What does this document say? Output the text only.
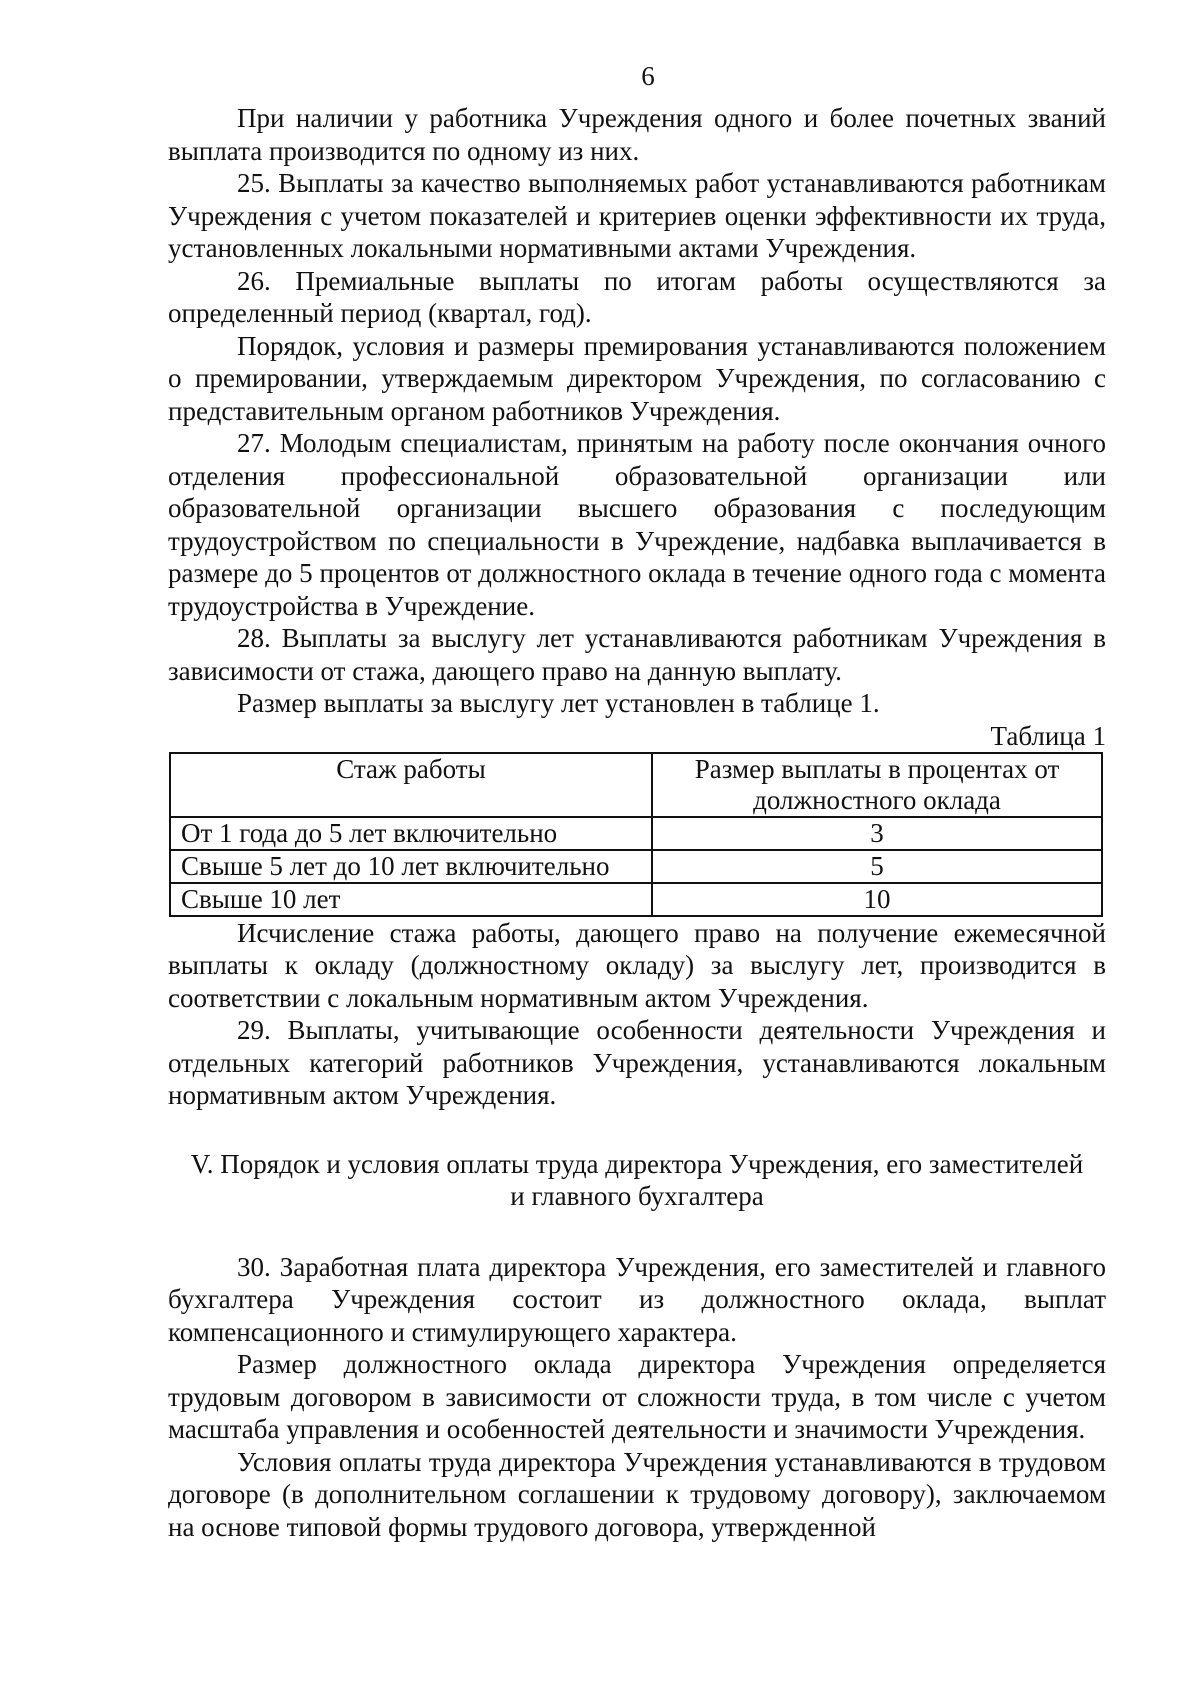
6

При наличии у работника Учреждения одного и более почетных званий выплата производится по одному из них.

25. Выплаты за качество выполняемых работ устанавливаются работникам Учреждения с учетом показателей и критериев оценки эффективности их труда, установленных локальными нормативными актами Учреждения.

26. Премиальные выплаты по итогам работы осуществляются за определенный период (квартал, год).

Порядок, условия и размеры премирования устанавливаются положением о премировании, утверждаемым директором Учреждения, по согласованию с представительным органом работников Учреждения.

27. Молодым специалистам, принятым на работу после окончания очного отделения профессиональной образовательной организации или образовательной организации высшего образования с последующим трудоустройством по специальности в Учреждение, надбавка выплачивается в размере до 5 процентов от должностного оклада в течение одного года с момента трудоустройства в Учреждение.

28. Выплаты за выслугу лет устанавливаются работникам Учреждения в зависимости от стажа, дающего право на данную выплату.

Размер выплаты за выслугу лет установлен в таблице 1.

Таблица 1
Стаж работы	Размер выплаты в процентах от должностного оклада
От 1 года до 5 лет включительно	3
Свыше 5 лет до 10 лет включительно	5
Свыше 10 лет	10

Исчисление стажа работы, дающего право на получение ежемесячной выплаты к окладу (должностному окладу) за выслугу лет, производится в соответствии с локальным нормативным актом Учреждения.

29. Выплаты, учитывающие особенности деятельности Учреждения и отдельных категорий работников Учреждения, устанавливаются локальным нормативным актом Учреждения.

V. Порядок и условия оплаты труда директора Учреждения, его заместителей
и главного бухгалтера

30. Заработная плата директора Учреждения, его заместителей и главного бухгалтера Учреждения состоит из должностного оклада, выплат компенсационного и стимулирующего характера.

Размер должностного оклада директора Учреждения определяется трудовым договором в зависимости от сложности труда, в том числе с учетом масштаба управления и особенностей деятельности и значимости Учреждения.

Условия оплаты труда директора Учреждения устанавливаются в трудовом договоре (в дополнительном соглашении к трудовому договору), заключаемом на основе типовой формы трудового договора, утвержденной
